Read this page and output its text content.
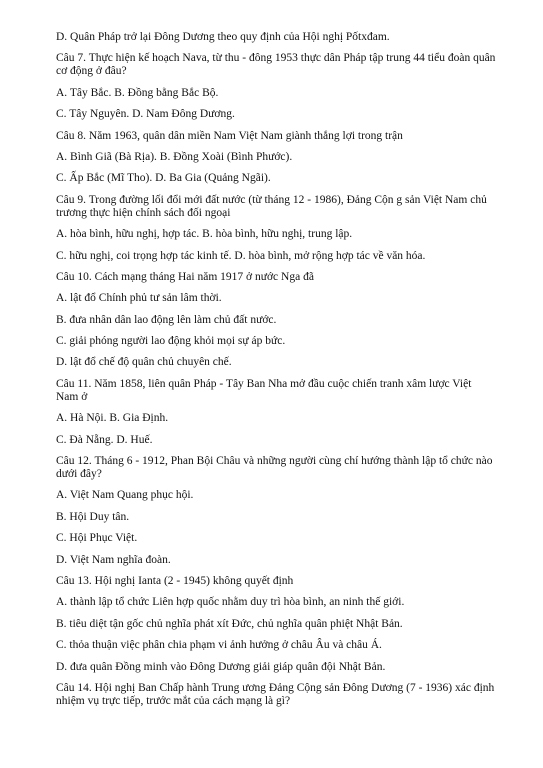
D. Quân Pháp trở lại Đông Dương theo quy định của Hội nghị Pốtxđam.

Câu 7. Thực hiện kế hoạch Nava, từ thu - đông 1953 thực dân Pháp tập trung 44 tiểu đoàn quân cơ động ở đâu?

A. Tây Bắc. B. Đồng bằng Bắc Bộ.

C. Tây Nguyên. D. Nam Đông Dương.

Câu 8. Năm 1963, quân dân miền Nam Việt Nam giành thắng lợi trong trận

A. Bình Giã (Bà Rịa). B. Đồng Xoài (Bình Phước).

C. Ấp Bắc (Mĩ Tho). D. Ba Gia (Quảng Ngãi).

Câu 9. Trong đường lối đổi mới đất nước (từ tháng 12 - 1986), Đảng Cộn g sản Việt Nam chủ trương thực hiện chính sách đối ngoại

A. hòa bình, hữu nghị, hợp tác. B. hòa bình, hữu nghị, trung lập.

C. hữu nghị, coi trọng hợp tác kinh tế. D. hòa bình, mở rộng hợp tác về văn hóa.

Câu 10. Cách mạng tháng Hai năm 1917 ở nước Nga đã

A. lật đổ Chính phủ tư sản lâm thời.

B. đưa nhân dân lao động lên làm chủ đất nước.

C. giải phóng người lao động khỏi mọi sự áp bức.

D. lật đổ chế độ quân chủ chuyên chế.

Câu 11. Năm 1858, liên quân Pháp - Tây Ban Nha mở đầu cuộc chiến tranh xâm lược Việt Nam ở

A. Hà Nội. B. Gia Định.

C. Đà Nẵng. D. Huế.

Câu 12. Tháng 6 - 1912, Phan Bội Châu và những người cùng chí hướng thành lập tổ chức nào dưới đây?

A. Việt Nam Quang phục hội.

B. Hội Duy tân.

C. Hội Phục Việt.

D. Việt Nam nghĩa đoàn.

Câu 13. Hội nghị Ianta (2 - 1945) không quyết định

A. thành lập tổ chức Liên hợp quốc nhằm duy trì hòa bình, an ninh thế giới.

B. tiêu diệt tận gốc chủ nghĩa phát xít Đức, chủ nghĩa quân phiệt Nhật Bản.

C. thỏa thuận việc phân chia phạm vi ảnh hưởng ở châu Âu và châu Á.

D. đưa quân Đồng minh vào Đông Dương giải giáp quân đội Nhật Bản.

Câu 14. Hội nghị Ban Chấp hành Trung ương Đảng Cộng sản Đông Dương (7 - 1936) xác định nhiệm vụ trực tiếp, trước mắt của cách mạng là gì?
